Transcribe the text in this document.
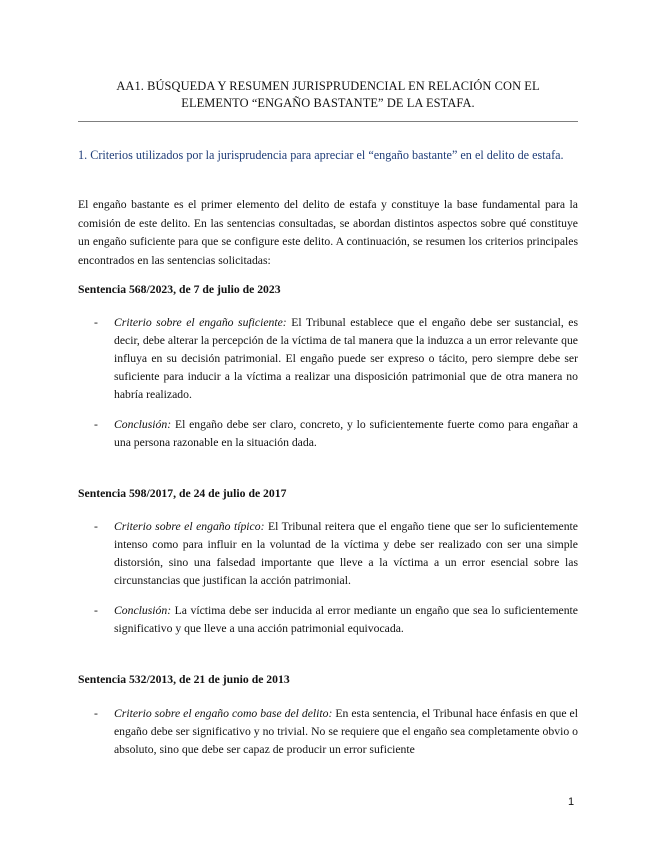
AA1. BÚSQUEDA Y RESUMEN JURISPRUDENCIAL EN RELACIÓN CON EL
ELEMENTO “ENGAÑO BASTANTE” DE LA ESTAFA.
1. Criterios utilizados por la jurisprudencia para apreciar el “engaño bastante” en el delito de estafa.
El engaño bastante es el primer elemento del delito de estafa y constituye la base fundamental para la comisión de este delito. En las sentencias consultadas, se abordan distintos aspectos sobre qué constituye un engaño suficiente para que se configure este delito. A continuación, se resumen los criterios principales encontrados en las sentencias solicitadas:
Sentencia 568/2023, de 7 de julio de 2023
-	Criterio sobre el engaño suficiente: El Tribunal establece que el engaño debe ser sustancial, es decir, debe alterar la percepción de la víctima de tal manera que la induzca a un error relevante que influya en su decisión patrimonial. El engaño puede ser expreso o tácito, pero siempre debe ser suficiente para inducir a la víctima a realizar una disposición patrimonial que de otra manera no habría realizado.
-	Conclusión: El engaño debe ser claro, concreto, y lo suficientemente fuerte como para engañar a una persona razonable en la situación dada.
Sentencia 598/2017, de 24 de julio de 2017
-	Criterio sobre el engaño típico: El Tribunal reitera que el engaño tiene que ser lo suficientemente intenso como para influir en la voluntad de la víctima y debe ser realizado con ser una simple distorsión, sino una falsedad importante que lleve a la víctima a un error esencial sobre las circunstancias que justifican la acción patrimonial.
-	Conclusión: La víctima debe ser inducida al error mediante un engaño que sea lo suficientemente significativo y que lleve a una acción patrimonial equivocada.
Sentencia 532/2013, de 21 de junio de 2013
-	Criterio sobre el engaño como base del delito: En esta sentencia, el Tribunal hace énfasis en que el engaño debe ser significativo y no trivial. No se requiere que el engaño sea completamente obvio o absoluto, sino que debe ser capaz de producir un error suficiente
1
